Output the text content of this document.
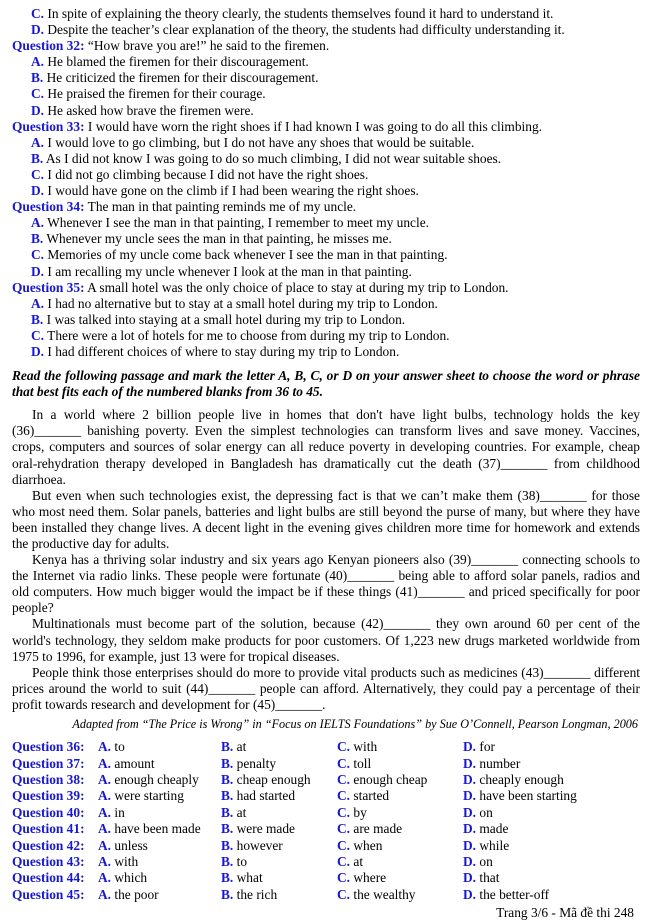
C. In spite of explaining the theory clearly, the students themselves found it hard to understand it.
D. Despite the teacher’s clear explanation of the theory, the students had difficulty understanding it.
Question 32: “How brave you are!” he said to the firemen.
A. He blamed the firemen for their discouragement.
B. He criticized the firemen for their discouragement.
C. He praised the firemen for their courage.
D. He asked how brave the firemen were.
Question 33: I would have worn the right shoes if I had known I was going to do all this climbing.
A. I would love to go climbing, but I do not have any shoes that would be suitable.
B. As I did not know I was going to do so much climbing, I did not wear suitable shoes.
C. I did not go climbing because I did not have the right shoes.
D. I would have gone on the climb if I had been wearing the right shoes.
Question 34: The man in that painting reminds me of my uncle.
A. Whenever I see the man in that painting, I remember to meet my uncle.
B. Whenever my uncle sees the man in that painting, he misses me.
C. Memories of my uncle come back whenever I see the man in that painting.
D. I am recalling my uncle whenever I look at the man in that painting.
Question 35: A small hotel was the only choice of place to stay at during my trip to London.
A. I had no alternative but to stay at a small hotel during my trip to London.
B. I was talked into staying at a small hotel during my trip to London.
C. There were a lot of hotels for me to choose from during my trip to London.
D. I had different choices of where to stay during my trip to London.

Read the following passage and mark the letter A, B, C, or D on your answer sheet to choose the word or phrase that best fits each of the numbered blanks from 36 to 45.

In a world where 2 billion people live in homes that don't have light bulbs, technology holds the key (36)_______ banishing poverty. Even the simplest technologies can transform lives and save money. Vaccines, crops, computers and sources of solar energy can all reduce poverty in developing countries. For example, cheap oral-rehydration therapy developed in Bangladesh has dramatically cut the death (37)_______ from childhood diarrhoea.

But even when such technologies exist, the depressing fact is that we can’t make them (38)_______ for those who most need them. Solar panels, batteries and light bulbs are still beyond the purse of many, but where they have been installed they change lives. A decent light in the evening gives children more time for homework and extends the productive day for adults.

Kenya has a thriving solar industry and six years ago Kenyan pioneers also (39)_______ connecting schools to the Internet via radio links. These people were fortunate (40)_______ being able to afford solar panels, radios and old computers. How much bigger would the impact be if these things (41)_______ and priced specifically for poor people?

Multinationals must become part of the solution, because (42)_______ they own around 60 per cent of the world's technology, they seldom make products for poor customers. Of 1,223 new drugs marketed worldwide from 1975 to 1996, for example, just 13 were for tropical diseases.

People think those enterprises should do more to provide vital products such as medicines (43)_______ different prices around the world to suit (44)_______ people can afford. Alternatively, they could pay a percentage of their profit towards research and development for (45)_______.

Adapted from “The Price is Wrong” in “Focus on IELTS Foundations” by Sue O’Connell, Pearson Longman, 2006

Question 36:	A. to	B. at	C. with	D. for
Question 37:	A. amount	B. penalty	C. toll	D. number
Question 38:	A. enough cheaply	B. cheap enough	C. enough cheap	D. cheaply enough
Question 39:	A. were starting	B. had started	C. started	D. have been starting
Question 40:	A. in	B. at	C. by	D. on
Question 41:	A. have been made	B. were made	C. are made	D. made
Question 42:	A. unless	B. however	C. when	D. while
Question 43:	A. with	B. to	C. at	D. on
Question 44:	A. which	B. what	C. where	D. that
Question 45:	A. the poor	B. the rich	C. the wealthy	D. the better-off
Trang 3/6 - Mã đề thi 248
